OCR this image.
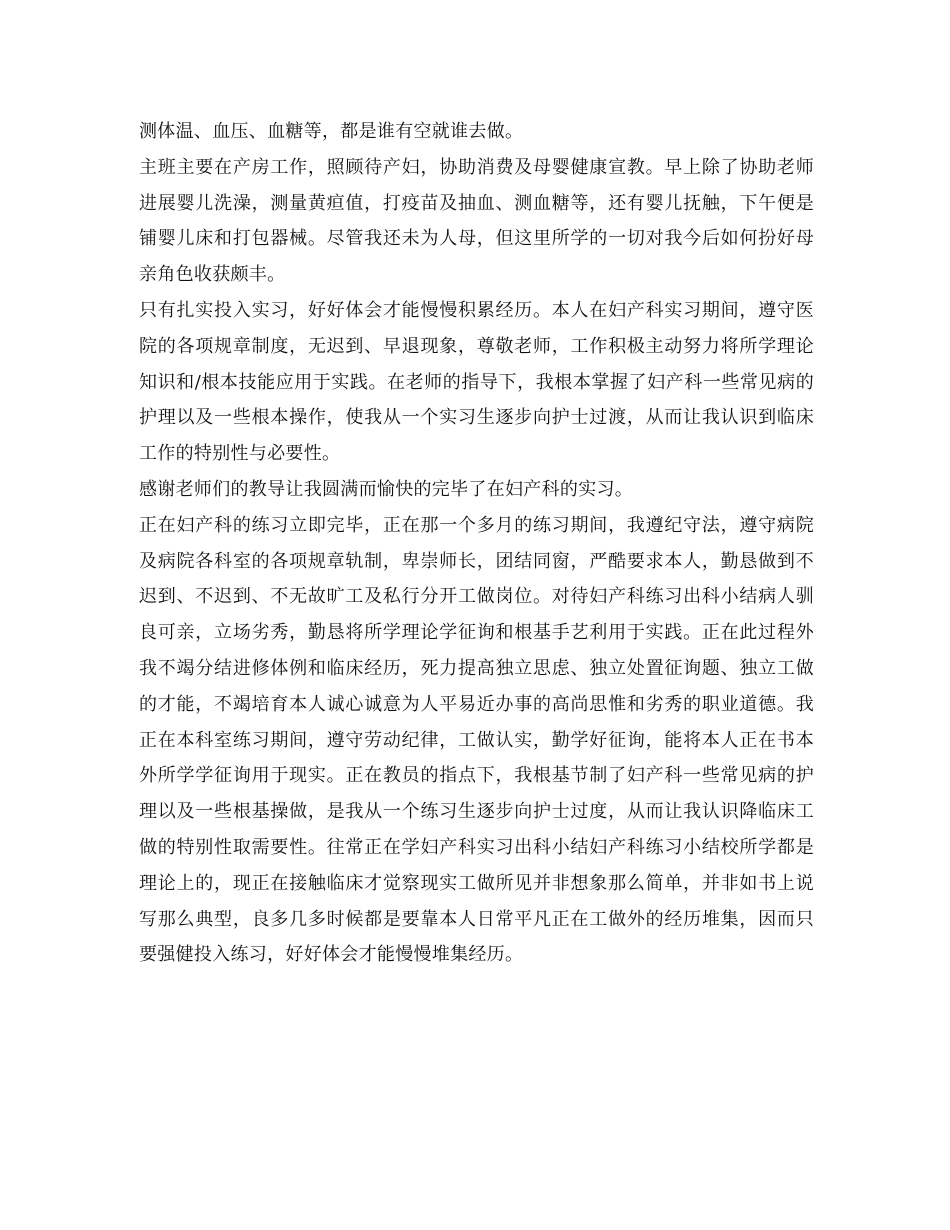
测体温、血压、血糖等，都是谁有空就谁去做。

主班主要在产房工作，照顾待产妇，协助消费及母婴健康宣教。早上除了协助老师进展婴儿洗澡，测量黄疸值，打疫苗及抽血、测血糖等，还有婴儿抚触，下午便是铺婴儿床和打包器械。尽管我还未为人母，但这里所学的一切对我今后如何扮好母亲角色收获颇丰。

只有扎实投入实习，好好体会才能慢慢积累经历。本人在妇产科实习期间，遵守医院的各项规章制度，无迟到、早退现象，尊敬老师，工作积极主动努力将所学理论知识和/根本技能应用于实践。在老师的指导下，我根本掌握了妇产科一些常见病的护理以及一些根本操作，使我从一个实习生逐步向护士过渡，从而让我认识到临床工作的特别性与必要性。

感谢老师们的教导让我圆满而愉快的完毕了在妇产科的实习。

正在妇产科的练习立即完毕，正在那一个多月的练习期间，我遵纪守法，遵守病院及病院各科室的各项规章轨制，卑崇师长，团结同窗，严酷要求本人，勤恳做到不迟到、不迟到、不无故旷工及私行分开工做岗位。对待妇产科练习出科小结病人驯良可亲，立场劣秀，勤恳将所学理论学征询和根基手艺利用于实践。正在此过程外我不竭分结进修体例和临床经历，死力提高独立思虑、独立处置征询题、独立工做的才能，不竭培育本人诚心诚意为人平易近办事的高尚思惟和劣秀的职业道德。我正在本科室练习期间，遵守劳动纪律，工做认实，勤学好征询，能将本人正在书本外所学学征询用于现实。正在教员的指点下，我根基节制了妇产科一些常见病的护理以及一些根基操做，是我从一个练习生逐步向护士过度，从而让我认识降临床工做的特别性取需要性。往常正在学妇产科实习出科小结妇产科练习小结校所学都是理论上的，现正在接触临床才觉察现实工做所见并非想象那么简单，并非如书上说写那么典型，良多几多时候都是要靠本人日常平凡正在工做外的经历堆集，因而只要强健投入练习，好好体会才能慢慢堆集经历。
